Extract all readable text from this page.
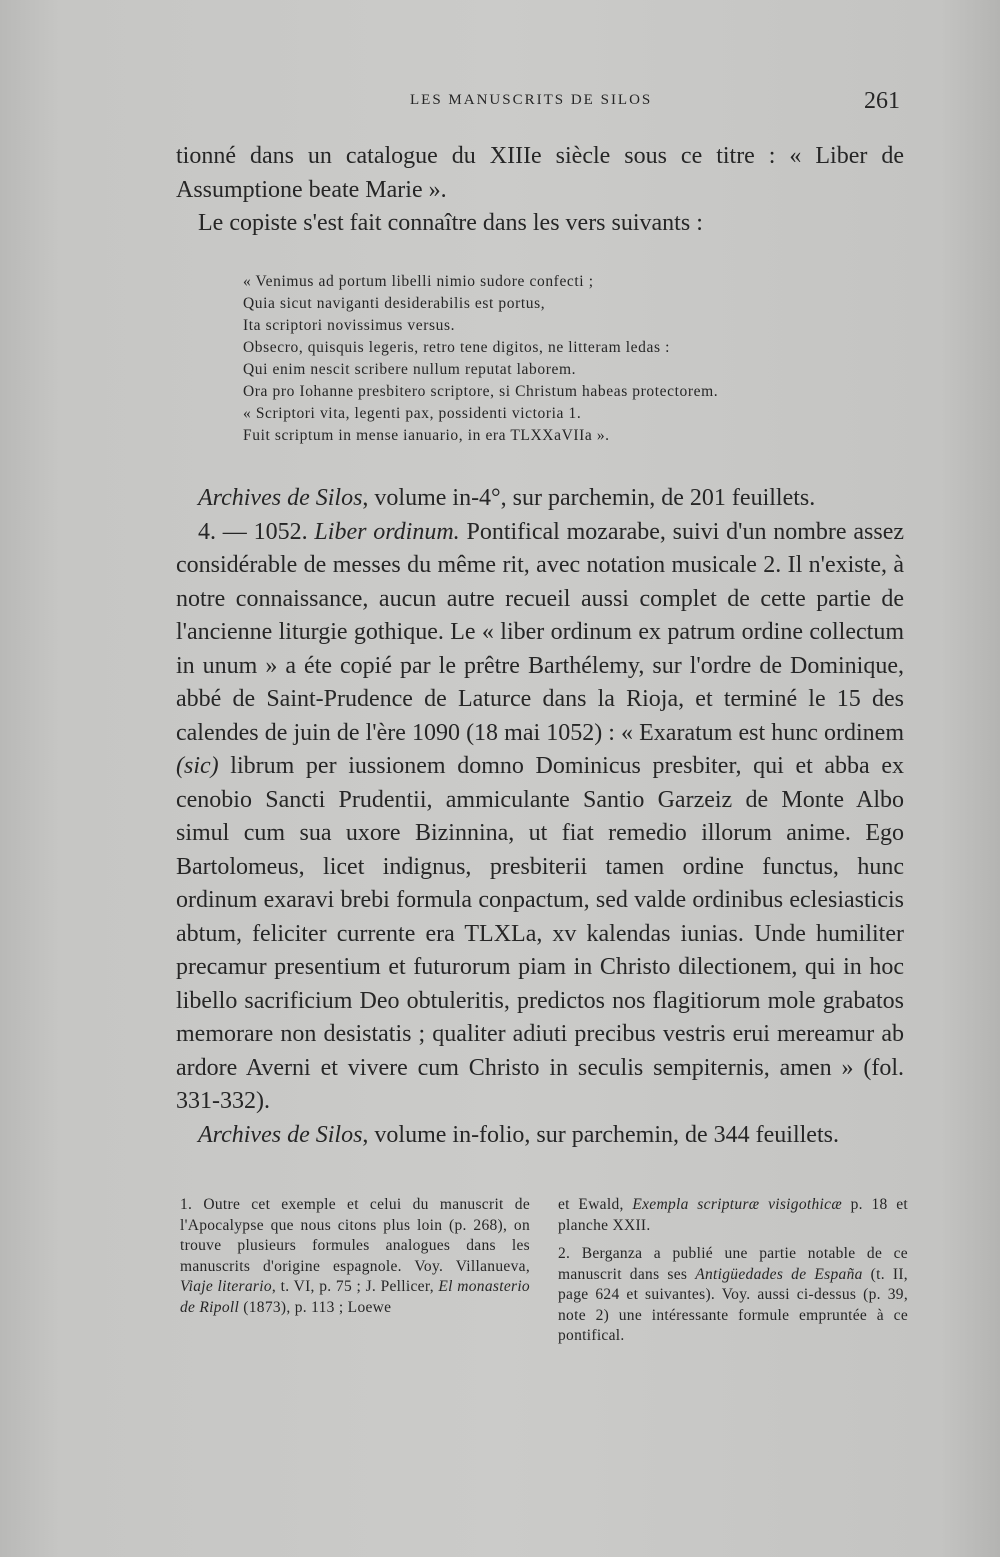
LES MANUSCRITS DE SILOS	261

tionné dans un catalogue du XIIIe siècle sous ce titre : « Liber de Assumptione beate Marie ».

Le copiste s'est fait connaître dans les vers suivants :

« Venimus ad portum libelli nimio sudore confecti ;
Quia sicut naviganti desiderabilis est portus,
Ita scriptori novissimus versus.
Obsecro, quisquis legeris, retro tene digitos, ne litteram ledas :
Qui enim nescit scribere nullum reputat laborem.
Ora pro Iohanne presbitero scriptore, si Christum habeas protectorem.
« Scriptori vita, legenti pax, possidenti victoria 1.
Fuit scriptum in mense ianuario, in era TLXXaVIIa ».

Archives de Silos, volume in-4°, sur parchemin, de 201 feuillets.

4. — 1052. Liber ordinum. Pontifical mozarabe, suivi d'un nombre assez considérable de messes du même rit, avec notation musicale 2. Il n'existe, à notre connaissance, aucun autre recueil aussi complet de cette partie de l'ancienne liturgie gothique. Le « liber ordinum ex patrum ordine collectum in unum » a éte copié par le prêtre Barthélemy, sur l'ordre de Dominique, abbé de Saint-Prudence de Laturce dans la Rioja, et terminé le 15 des calendes de juin de l'ère 1090 (18 mai 1052) : « Exaratum est hunc ordinem (sic) librum per iussionem domno Dominicus presbiter, qui et abba ex cenobio Sancti Prudentii, ammiculante Santio Garzeiz de Monte Albo simul cum sua uxore Bizinnina, ut fiat remedio illorum anime. Ego Bartolomeus, licet indignus, presbiterii tamen ordine functus, hunc ordinum exaravi brebi formula conpactum, sed valde ordinibus eclesiasticis abtum, feliciter currente era TLXLa, xv kalendas iunias. Unde humiliter precamur presentium et futurorum piam in Christo dilectionem, qui in hoc libello sacrificium Deo obtuleritis, predictos nos flagitiorum mole grabatos memorare non desistatis ; qualiter adiuti precibus vestris erui mereamur ab ardore Averni et vivere cum Christo in seculis sempiternis, amen » (fol. 331-332).

Archives de Silos, volume in-folio, sur parchemin, de 344 feuillets.

1. Outre cet exemple et celui du manuscrit de l'Apocalypse que nous citons plus loin (p. 268), on trouve plusieurs formules analogues dans les manuscrits d'origine espagnole. Voy. Villanueva, Viaje literario, t. VI, p. 75 ; J. Pellicer, El monasterio de Ripoll (1873), p. 113 ; Loewe

et Ewald, Exempla scripturæ visigothicæ p. 18 et planche XXII.

2. Berganza a publié une partie notable de ce manuscrit dans ses Antigüedades de España (t. II, page 624 et suivantes). Voy. aussi ci-dessus (p. 39, note 2) une intéressante formule empruntée à ce pontifical.
